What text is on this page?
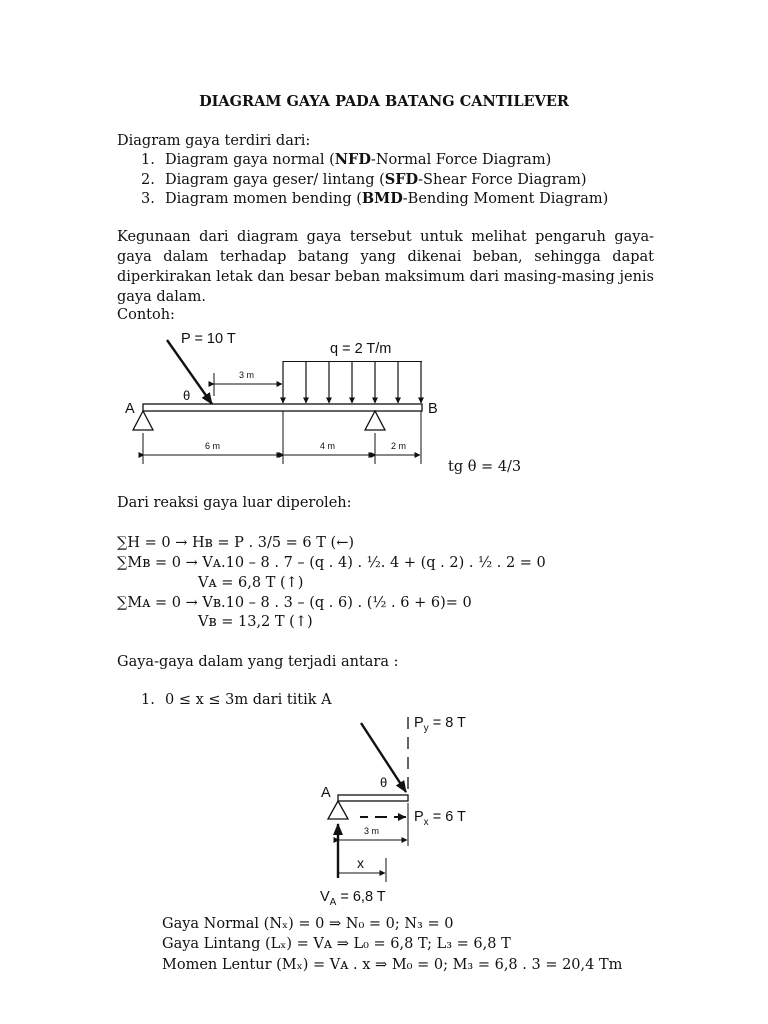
DIAGRAM GAYA PADA BATANG CANTILEVER
Diagram gaya terdiri dari:
1. Diagram gaya normal (NFD-Normal Force Diagram)
2. Diagram gaya geser/ lintang (SFD-Shear Force Diagram)
3. Diagram momen bending (BMD-Bending Moment Diagram)
Kegunaan dari diagram gaya tersebut untuk melihat pengaruh gaya-gaya dalam terhadap batang yang dikenai beban, sehingga dapat diperkirakan letak dan besar beban maksimum dari masing-masing jenis gaya dalam.
Contoh:
P = 10 T
θ
q = 2 T/m
3 m
A	B
6 m	4 m	2 m
tg θ = 4/3
Dari reaksi gaya luar diperoleh:
∑H = 0 → Hʙ = P . 3/5 = 6 T (←)
∑Mʙ = 0 → Vᴀ.10 – 8 . 7 – (q . 4) . ½. 4 + (q . 2) . ½ . 2 = 0
Vᴀ = 6,8 T (↑)
∑Mᴀ = 0 → Vʙ.10 – 8 . 3 – (q . 6) . (½ . 6 + 6)= 0
Vʙ = 13,2 T (↑)
Gaya-gaya dalam yang terjadi antara :
1. 0 ≤ x ≤ 3m dari titik A
θ
A
$P_y = 8$ T
$P_x = 6$ T
3 m
x
$V_A = 6,8$ T
Gaya Normal (Nₓ) = 0 ⇒ N₀ = 0; N₃ = 0
Gaya Lintang (Lₓ) = Vᴀ ⇒ L₀ = 6,8 T; L₃ = 6,8 T
Momen Lentur (Mₓ) = Vᴀ . x ⇒ M₀ = 0; M₃ = 6,8 . 3 = 20,4 Tm
